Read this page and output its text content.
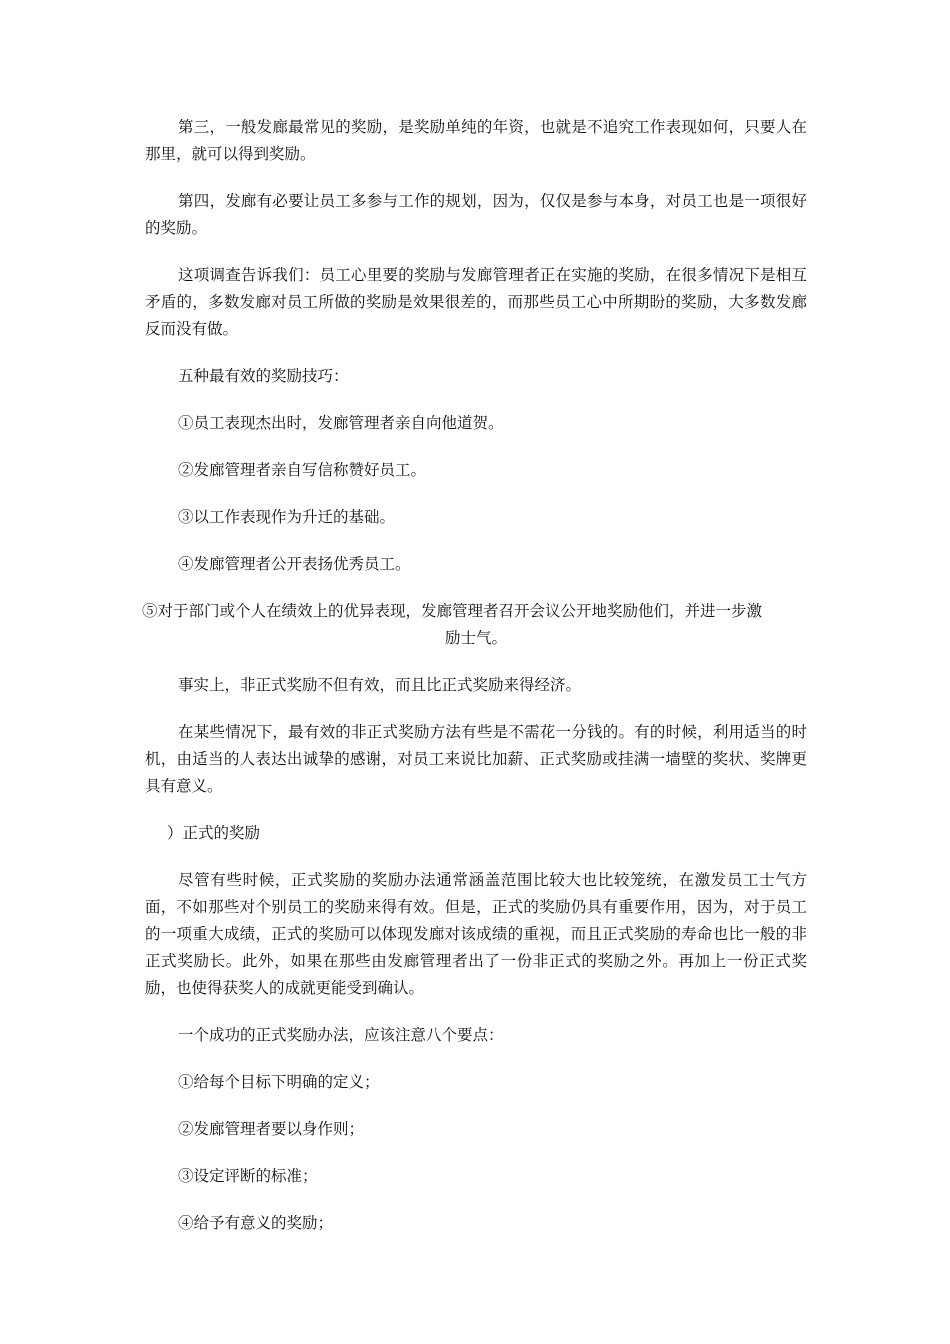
第三，一般发廊最常见的奖励，是奖励单纯的年资，也就是不追究工作表现如何，只要人在那里，就可以得到奖励。

第四，发廊有必要让员工多参与工作的规划，因为，仅仅是参与本身，对员工也是一项很好的奖励。

这项调查告诉我们：员工心里要的奖励与发廊管理者正在实施的奖励，在很多情况下是相互矛盾的，多数发廊对员工所做的奖励是效果很差的，而那些员工心中所期盼的奖励，大多数发廊反而没有做。

五种最有效的奖励技巧：

①员工表现杰出时，发廊管理者亲自向他道贺。

②发廊管理者亲自写信称赞好员工。

③以工作表现作为升迁的基础。

④发廊管理者公开表扬优秀员工。

⑤对于部门或个人在绩效上的优异表现，发廊管理者召开会议公开地奖励他们，并进一步激

励士气。

事实上，非正式奖励不但有效，而且比正式奖励来得经济。

在某些情况下，最有效的非正式奖励方法有些是不需花一分钱的。有的时候，利用适当的时机，由适当的人表达出诚挚的感谢，对员工来说比加薪、正式奖励或挂满一墙壁的奖状、奖牌更具有意义。

）正式的奖励

尽管有些时候，正式奖励的奖励办法通常涵盖范围比较大也比较笼统，在激发员工士气方面，不如那些对个别员工的奖励来得有效。但是，正式的奖励仍具有重要作用，因为，对于员工的一项重大成绩，正式的奖励可以体现发廊对该成绩的重视，而且正式奖励的寿命也比一般的非正式奖励长。此外，如果在那些由发廊管理者出了一份非正式的奖励之外。再加上一份正式奖励，也使得获奖人的成就更能受到确认。

一个成功的正式奖励办法，应该注意八个要点：

①给每个目标下明确的定义；

②发廊管理者要以身作则；

③设定评断的标准；

④给予有意义的奖励；
